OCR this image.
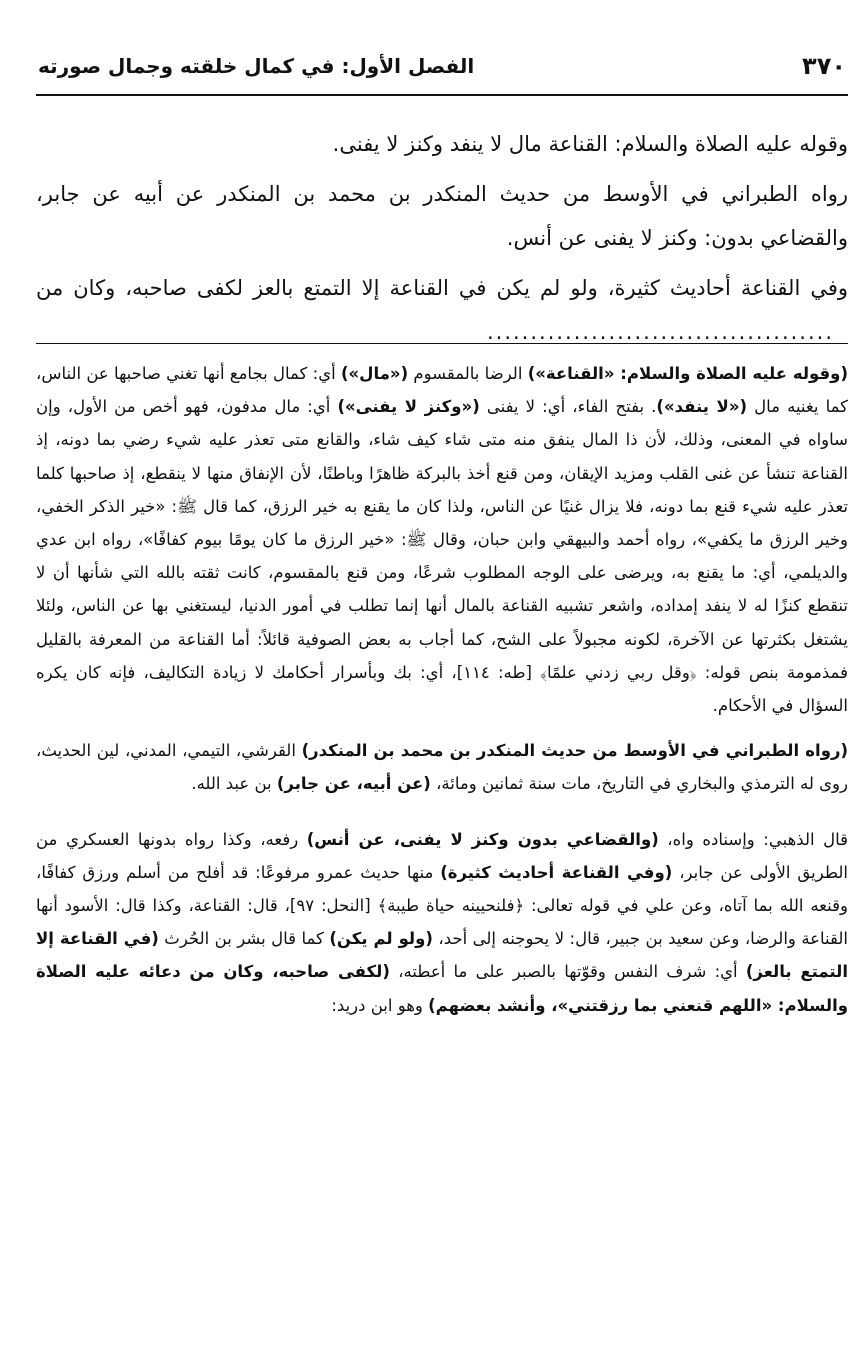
٣٧٠
الفصل الأول: في كمال خلقته وجمال صورته

وقوله عليه الصلاة والسلام: القناعة مال لا ينفد وكنز لا يفنى.

رواه الطبراني في الأوسط من حديث المنكدر بن محمد بن المنكدر عن أبيه عن جابر، والقضاعي بدون: وكنز لا يفنى عن أنس.

وفي القناعة أحاديث كثيرة، ولو لم يكن في القناعة إلا التمتع بالعز لكفى صاحبه، وكان من........................................

(وقوله عليه الصلاة والسلام: «القناعة») الرضا بالمقسوم («مال») أي: كمال بجامع أنها تغني صاحبها عن الناس، كما يغنيه مال («لا ينفد»). بفتح الفاء، أي: لا يفنى («وكنز لا يفنى») أي: مال مدفون، فهو أخص من الأول، وإن ساواه في المعنى، وذلك، لأن ذا المال ينفق منه متى شاء كيف شاء، والقانع متى تعذر عليه شيء رضي بما دونه، إذ القناعة تنشأ عن غنى القلب ومزيد الإيقان، ومن قنع أخذ بالبركة ظاهرًا وباطنًا، لأن الإنفاق منها لا ينقطع، إذ صاحبها كلما تعذر عليه شيء قنع بما دونه، فلا يزال غنيًا عن الناس، ولذا كان ما يقنع به خير الرزق، كما قال ﷺ: «خير الذكر الخفي، وخير الرزق ما يكفي»، رواه أحمد والبيهقي وابن حبان، وقال ﷺ: «خير الرزق ما كان يومًا بيوم كفافًا»، رواه ابن عدي والديلمي، أي: ما يقنع به، ويرضى على الوجه المطلوب شرعًا، ومن قنع بالمقسوم، كانت ثقته بالله التي شأنها أن لا تنقطع كنزًا له لا ينفد إمداده، واشعر تشبيه القناعة بالمال أنها إنما تطلب في أمور الدنيا، ليستغني بها عن الناس، ولئلا يشتغل بكثرتها عن الآخرة، لكونه مجبولاً على الشح، كما أجاب به بعض الصوفية قائلاً: أما القناعة من المعرفة بالقليل فمذمومة بنص قوله: ﴿وقل ربي زدني علمًا﴾ [طه: ١١٤]، أي: بك وبأسرار أحكامك لا زيادة التكاليف، فإنه كان يكره السؤال في الأحكام.

(رواه الطبراني في الأوسط من حديث المنكدر بن محمد بن المنكدر) القرشي، التيمي، المدني، لين الحديث، روى له الترمذي والبخاري في التاريخ، مات سنة ثمانين ومائة، (عن أبيه، عن جابر) بن عبد الله.

قال الذهبي: وإسناده واه، (والقضاعي بدون وكنز لا يفنى، عن أنس) رفعه، وكذا رواه بدونها العسكري من الطريق الأولى عن جابر، (وفي القناعة أحاديث كثيرة) منها حديث عمرو مرفوعًا: قد أفلح من أسلم ورزق كفافًا، وقنعه الله بما آتاه، وعن علي في قوله تعالى: ﴿فلنحيينه حياة طيبة﴾ [النحل: ٩٧]، قال: القناعة، وكذا قال: الأسود أنها القناعة والرضا، وعن سعيد بن جبير، قال: لا يحوجنه إلى أحد، (ولو لم يكن) كما قال بشر بن الحُرث (في القناعة إلا التمتع بالعز) أي: شرف النفس وقوّتها بالصبر على ما أعطته، (لكفى صاحبه، وكان من دعائه عليه الصلاة والسلام: «اللهم قنعني بما رزقتني»، وأنشد بعضهم) وهو ابن دريد:
